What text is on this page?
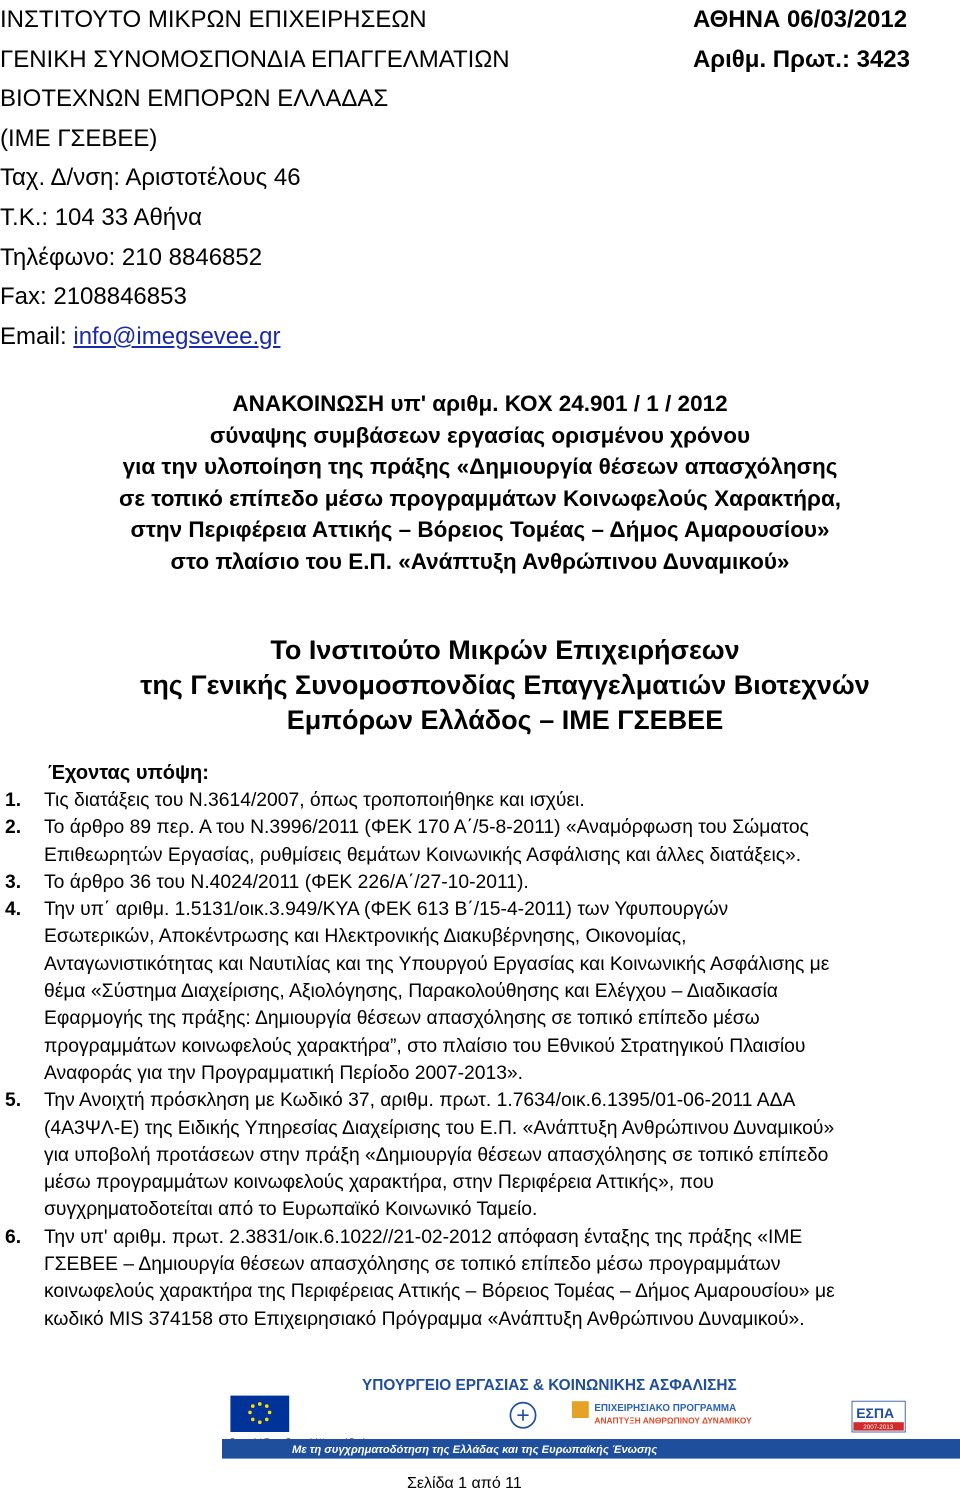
ΙΝΣΤΙΤΟΥΤΟ ΜΙΚΡΩΝ ΕΠΙΧΕΙΡΗΣΕΩΝ
ΓΕΝΙΚΗ ΣΥΝΟΜΟΣΠΟΝΔΙΑ ΕΠΑΓΓΕΛΜΑΤΙΩΝ
ΒΙΟΤΕΧΝΩΝ ΕΜΠΟΡΩΝ ΕΛΛΑΔΑΣ
(ΙΜΕ ΓΣΕΒΕΕ)
Ταχ. Δ/νση: Αριστοτέλους 46
Τ.Κ.: 104 33 Αθήνα
Τηλέφωνο: 210 8846852
Fax: 2108846853
Email: info@imegsevee.gr
ΑΘΗΝΑ 06/03/2012
Αριθμ. Πρωτ.: 3423
ΑΝΑΚΟΙΝΩΣΗ υπ' αριθμ. ΚΟΧ 24.901 / 1 / 2012
σύναψης συμβάσεων εργασίας ορισμένου χρόνου
για την υλοποίηση της πράξης «Δημιουργία θέσεων απασχόλησης
σε τοπικό επίπεδο μέσω προγραμμάτων Κοινωφελούς Χαρακτήρα,
στην Περιφέρεια Αττικής – Βόρειος Τομέας – Δήμος Αμαρουσίου»
στο πλαίσιο του Ε.Π. «Ανάπτυξη Ανθρώπινου Δυναμικού»
Το Ινστιτούτο Μικρών Επιχειρήσεων
της Γενικής Συνομοσπονδίας Επαγγελματιών Βιοτεχνών
Εμπόρων Ελλάδος – ΙΜΕ ΓΣΕΒΕΕ
Έχοντας υπόψη:
1.	Τις διατάξεις του Ν.3614/2007, όπως τροποποιήθηκε και ισχύει.
2.	Το άρθρο 89 περ. Α του Ν.3996/2011 (ΦΕΚ 170 Α΄/5-8-2011) «Αναμόρφωση του Σώματος
Επιθεωρητών Εργασίας, ρυθμίσεις θεμάτων Κοινωνικής Ασφάλισης και άλλες διατάξεις».
3.	Το άρθρο 36 του Ν.4024/2011 (ΦΕΚ 226/Α΄/27-10-2011).
4.	Την υπ΄ αριθμ. 1.5131/οικ.3.949/ΚΥΑ (ΦΕΚ 613 Β΄/15-4-2011) των Υφυπουργών
Εσωτερικών, Αποκέντρωσης και Ηλεκτρονικής Διακυβέρνησης, Οικονομίας,
Ανταγωνιστικότητας και Ναυτιλίας και της Υπουργού Εργασίας και Κοινωνικής Ασφάλισης με
θέμα «Σύστημα Διαχείρισης, Αξιολόγησης, Παρακολούθησης και Ελέγχου – Διαδικασία
Εφαρμογής της πράξης: Δημιουργία θέσεων απασχόλησης σε τοπικό επίπεδο μέσω
προγραμμάτων κοινωφελούς χαρακτήρα”, στο πλαίσιο του Εθνικού Στρατηγικού Πλαισίου
Αναφοράς για την Προγραμματική Περίοδο 2007-2013».
5.	Την Ανοιχτή πρόσκληση με Κωδικό 37, αριθμ. πρωτ. 1.7634/οικ.6.1395/01-06-2011 ΑΔΑ
(4Α3ΨΛ-Ε) της Ειδικής Υπηρεσίας Διαχείρισης του Ε.Π. «Ανάπτυξη Ανθρώπινου Δυναμικού»
για υποβολή προτάσεων στην πράξη «Δημιουργία θέσεων απασχόλησης σε τοπικό επίπεδο
μέσω προγραμμάτων κοινωφελούς χαρακτήρα, στην Περιφέρεια Αττικής», που
συγχρηματοδοτείται από το Ευρωπαϊκό Κοινωνικό Ταμείο.
6.	Την υπ' αριθμ. πρωτ. 2.3831/οικ.6.1022//21-02-2012 απόφαση ένταξης της πράξης «ΙΜΕ
ΓΣΕΒΕΕ – Δημιουργία θέσεων απασχόλησης σε τοπικό επίπεδο μέσω προγραμμάτων
κοινωφελούς χαρακτήρα της Περιφέρειας Αττικής – Βόρειος Τομέας – Δήμος Αμαρουσίου» με
κωδικό MIS 374158 στο Επιχειρησιακό Πρόγραμμα «Ανάπτυξη Ανθρώπινου Δυναμικού».
ΥΠΟΥΡΓΕΙΟ ΕΡΓΑΣΙΑΣ & ΚΟΙΝΩΝΙΚΗΣ ΑΣΦΑΛΙΣΗΣ
ΕΠΙΧΕΙΡΗΣΙΑΚΟ ΠΡΟΓΡΑΜΜΑ
ΑΝΑΠΤΥΞΗ ΑΝΘΡΩΠΙΝΟΥ ΔΥΝΑΜΙΚΟΥ	ΕΣΠΑ
2007-2013
Με τη συγχρηματοδότηση της Ελλάδας και της Ευρωπαϊκής Ένωσης
Σελίδα 1 από 11
